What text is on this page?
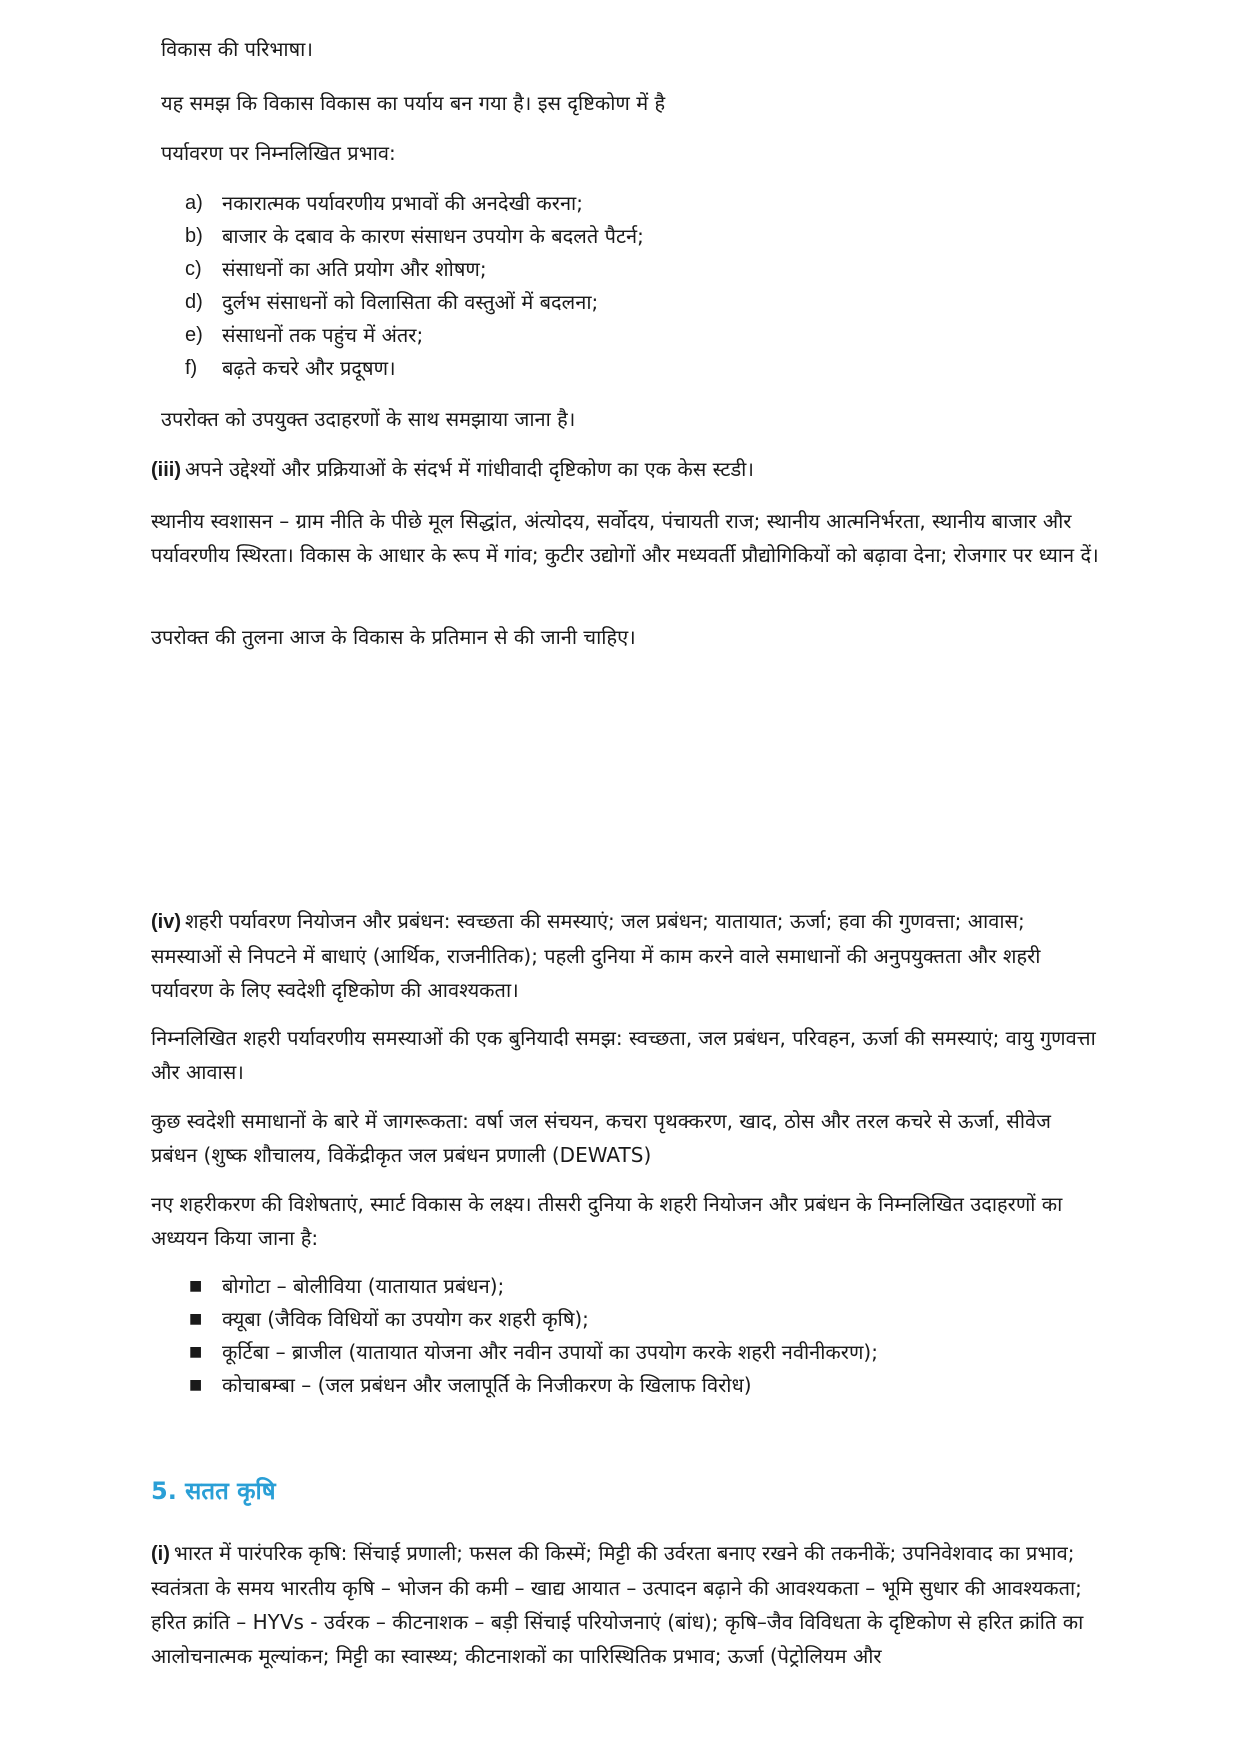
विकास की परिभाषा।

यह समझ कि विकास विकास का पर्याय बन गया है। इस दृष्टिकोण में है

पर्यावरण पर निम्नलिखित प्रभाव:

a) नकारात्मक पर्यावरणीय प्रभावों की अनदेखी करना;
b) बाजार के दबाव के कारण संसाधन उपयोग के बदलते पैटर्न;
c) संसाधनों का अति प्रयोग और शोषण;
d) दुर्लभ संसाधनों को विलासिता की वस्तुओं में बदलना;
e) संसाधनों तक पहुंच में अंतर;
f) बढ़ते कचरे और प्रदूषण।

उपरोक्त को उपयुक्त उदाहरणों के साथ समझाया जाना है।

(iii) अपने उद्देश्यों और प्रक्रियाओं के संदर्भ में गांधीवादी दृष्टिकोण का एक केस स्टडी।

स्थानीय स्वशासन – ग्राम नीति के पीछे मूल सिद्धांत, अंत्योदय, सर्वोदय, पंचायती राज; स्थानीय आत्मनिर्भरता, स्थानीय बाजार और पर्यावरणीय स्थिरता। विकास के आधार के रूप में गांव; कुटीर उद्योगों और मध्यवर्ती प्रौद्योगिकियों को बढ़ावा देना; रोजगार पर ध्यान दें।

उपरोक्त की तुलना आज के विकास के प्रतिमान से की जानी चाहिए।

(iv) शहरी पर्यावरण नियोजन और प्रबंधन: स्वच्छता की समस्याएं; जल प्रबंधन; यातायात; ऊर्जा; हवा की गुणवत्ता; आवास; समस्याओं से निपटने में बाधाएं (आर्थिक, राजनीतिक); पहली दुनिया में काम करने वाले समाधानों की अनुपयुक्तता और शहरी पर्यावरण के लिए स्वदेशी दृष्टिकोण की आवश्यकता।

निम्नलिखित शहरी पर्यावरणीय समस्याओं की एक बुनियादी समझ: स्वच्छता, जल प्रबंधन, परिवहन, ऊर्जा की समस्याएं; वायु गुणवत्ता और आवास।

कुछ स्वदेशी समाधानों के बारे में जागरूकता: वर्षा जल संचयन, कचरा पृथक्करण, खाद, ठोस और तरल कचरे से ऊर्जा, सीवेज प्रबंधन (शुष्क शौचालय, विकेंद्रीकृत जल प्रबंधन प्रणाली (DEWATS)

नए शहरीकरण की विशेषताएं, स्मार्ट विकास के लक्ष्य। तीसरी दुनिया के शहरी नियोजन और प्रबंधन के निम्नलिखित उदाहरणों का अध्ययन किया जाना है:

■ बोगोटा – बोलीविया (यातायात प्रबंधन);
■ क्यूबा (जैविक विधियों का उपयोग कर शहरी कृषि);
■ कूर्टिबा – ब्राजील (यातायात योजना और नवीन उपायों का उपयोग करके शहरी नवीनीकरण);
■ कोचाबम्बा – (जल प्रबंधन और जलापूर्ति के निजीकरण के खिलाफ विरोध)
5. सतत कृषि

(i) भारत में पारंपरिक कृषि: सिंचाई प्रणाली; फसल की किस्में; मिट्टी की उर्वरता बनाए रखने की तकनीकें; उपनिवेशवाद का प्रभाव; स्वतंत्रता के समय भारतीय कृषि – भोजन की कमी – खाद्य आयात – उत्पादन बढ़ाने की आवश्यकता – भूमि सुधार की आवश्यकता; हरित क्रांति – HYVs - उर्वरक – कीटनाशक – बड़ी सिंचाई परियोजनाएं (बांध); कृषि–जैव विविधता के दृष्टिकोण से हरित क्रांति का आलोचनात्मक मूल्यांकन; मिट्टी का स्वास्थ्य; कीटनाशकों का पारिस्थितिक प्रभाव; ऊर्जा (पेट्रोलियम और
